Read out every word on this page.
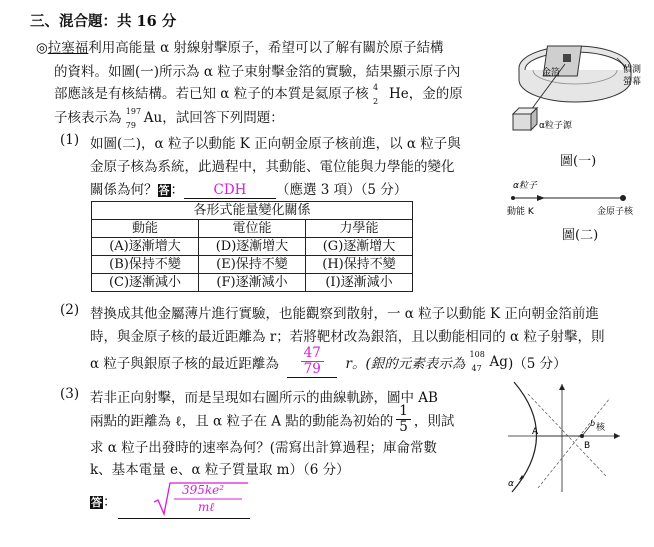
三、混合題：共 16 分
◎拉塞福利用高能量 α 射線射擊原子，希望可以了解有關於原子結構
的資料。如圖(一)所示為 α 粒子束射擊金箔的實驗，結果顯示原子內
部應該是有核結構。若已知 α 粒子的本質是氦原子核 4
2 He，金的原
子核表示為 197
79 Au，試回答下列問題：
(1) 如圖(二)，α 粒子以動能 K 正向朝金原子核前進，以 α 粒子與
金原子核為系統，此過程中，其動能、電位能與力學能的變化
關係為何？答： CDH （應選 3 項）（5 分）
各形式能量變化關係		
動能	電位能	力學能
(A)逐漸增大	(D)逐漸增大	(G)逐漸增大
(B)保持不變	(E)保持不變	(H)保持不變
(C)逐漸減小	(F)逐漸減小	(I)逐漸減小
(2) 替換成其他金屬薄片進行實驗，也能觀察到散射，一 α 粒子以動能 K 正向朝金箔前進
時，與金原子核的最近距離為 r；若將靶材改為銀箔，且以動能相同的 α 粒子射擊，則
α 粒子與銀原子核的最近距離為 $\frac{47}{79}$ r。(銀的元素表示為
108
47 Ag)（5 分）
(3) 若非正向射擊，而是呈現如右圖所示的曲線軌跡，圖中 AB
兩點的距離為 ℓ，且 α 粒子在 A 點的動能為初始的 $\frac{1}{5}$ ，則試
求 α 粒子出發時的速率為何？(需寫出計算過程；庫侖常數
k、基本電量 e、α 粒子質量取 m）（6 分）
答：
395ke²
mℓ
金箔	偵測
螢幕
α粒子源
圖(一)
α粒子
動能 K	金原子核
圖(二)
A
B
b 核
α
